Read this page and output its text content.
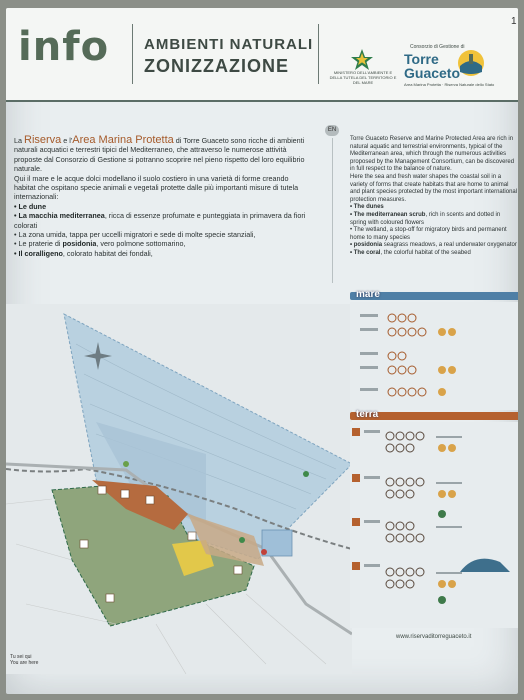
info AMBIENTI NATURALI
ZONIZZAZIONE	MINISTERO DELL'AMBIENTE E DELLA TUTELA DEL TERRITORIO E DEL MARE
Consorzio di Gestione di
Torre
Guaceto
Area Marina Protetta · Riserva Naturale dello Stato
1
La Riserva e l'Area Marina Protetta di Torre Guaceto sono ricche di ambienti naturali acquatici e terrestri tipici del Mediterraneo, che attraverso le numerose attività proposte dal Consorzio di Gestione si potranno scoprire nel pieno rispetto del loro equilibrio naturale.
Qui il mare e le acque dolci modellano il suolo costiero in una varietà di forme creando habitat che ospitano specie animali e vegetali protette dalle più importanti misure di tutela internazionali:
• Le dune
• La macchia mediterranea, ricca di essenze profumate e punteggiata in primavera da fiori colorati
• La zona umida, tappa per uccelli migratori e sede di molte specie stanziali,
• Le praterie di posidonia, vero polmone sottomarino,
• Il coralligeno, colorato habitat dei fondali,
EN
Torre Guaceto Reserve and Marine Protected Area are rich in natural aquatic and terrestrial environments, typical of the Mediterranean area, which through the numerous activities proposed by the Management Consortium, can be discovered in full respect to the balance of nature.
Here the sea and fresh water shapes the coastal soil in a variety of forms that create habitats that are home to animal and plant species protected by the most important international protection measures.
• The dunes
• The mediterranean scrub, rich in scents and dotted in spring with coloured flowers
• The wetland, a stop-off for migratory birds and permanent home to many species
• posidonia seagrass meadows, a real underwater oxygenator
• The coral, the colorful habitat of the seabed
mare
terra
www.riservaditorreguaceto.it
Tu sei qui
You are here
